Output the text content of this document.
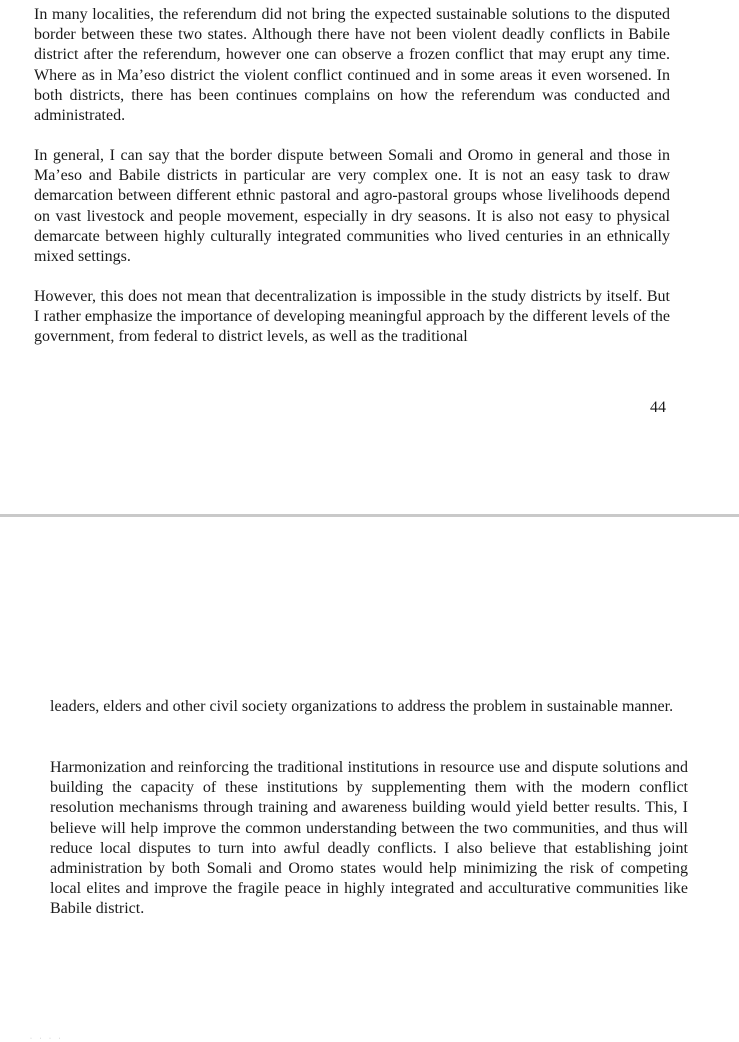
In many localities, the referendum did not bring the expected sustainable solutions to the disputed border between these two states. Although there have not been violent deadly conflicts in Babile district after the referendum, however one can observe a frozen conflict that may erupt any time. Where as in Ma’eso district the violent conflict continued and in some areas it even worsened. In both districts, there has been continues complains on how the referendum was conducted and administrated.

In general, I can say that the border dispute between Somali and Oromo in general and those in Ma’eso and Babile districts in particular are very complex one. It is not an easy task to draw demarcation between different ethnic pastoral and agro-pastoral groups whose livelihoods depend on vast livestock and people movement, especially in dry seasons. It is also not easy to physical demarcate between highly culturally integrated communities who lived centuries in an ethnically mixed settings.

However, this does not mean that decentralization is impossible in the study districts by itself. But I rather emphasize the importance of developing meaningful approach by the different levels of the government, from federal to district levels, as well as the traditional

44
· · · ·

leaders, elders and other civil society organizations to address the problem in sustainable manner.

Harmonization and reinforcing the traditional institutions in resource use and dispute solutions and building the capacity of these institutions by supplementing them with the modern conflict resolution mechanisms through training and awareness building would yield better results. This, I believe will help improve the common understanding between the two communities, and thus will reduce local disputes to turn into awful deadly conflicts. I also believe that establishing joint administration by both Somali and Oromo states would help minimizing the risk of competing local elites and improve the fragile peace in highly integrated and acculturative communities like Babile district.
